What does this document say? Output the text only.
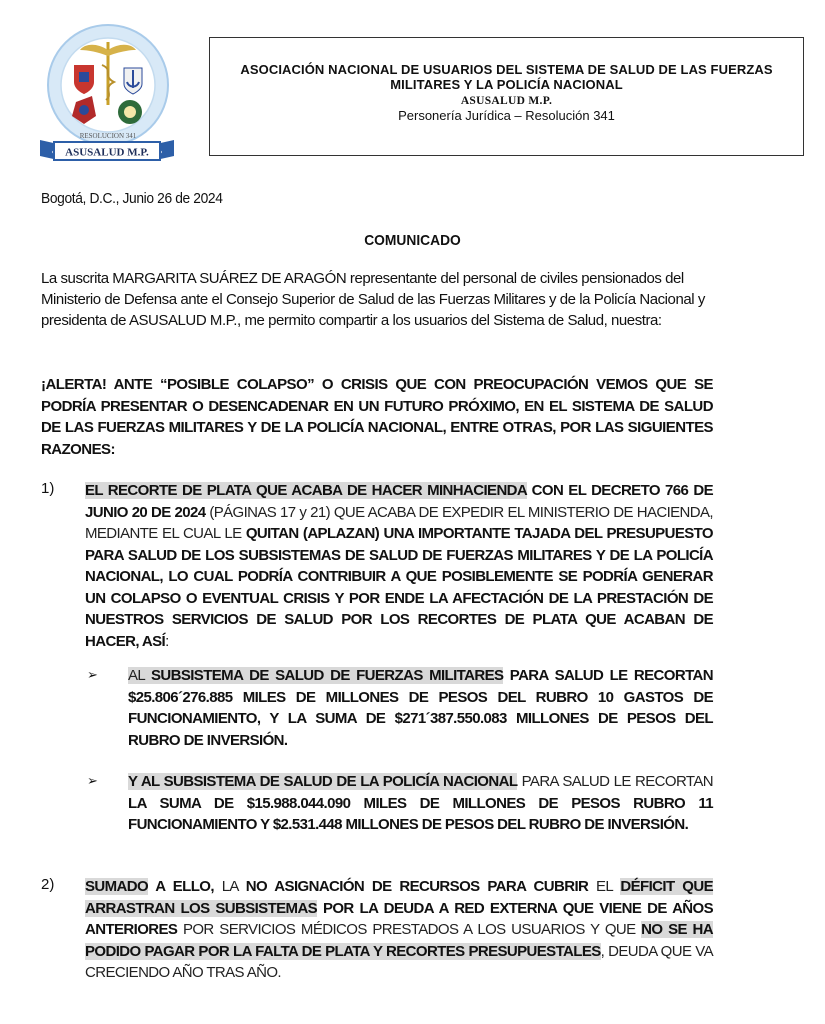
RESOLUCION 341
ASUSALUD M.P.
ASOCIACIÓN NACIONAL DE USUARIOS DEL SISTEMA DE SALUD DE LAS FUERZAS
MILITARES Y LA POLICÍA NACIONAL
ASUSALUD M.P.
Personería Jurídica – Resolución 341
Bogotá, D.C., Junio 26 de 2024
COMUNICADO
La suscrita MARGARITA SUÁREZ DE ARAGÓN representante del personal de civiles pensionados del Ministerio de Defensa ante el Consejo Superior de Salud de las Fuerzas Militares y de la Policía Nacional y presidenta de ASUSALUD M.P., me permito compartir a los usuarios del Sistema de Salud, nuestra:
¡ALERTA! ANTE “POSIBLE COLAPSO” O CRISIS QUE CON PREOCUPACIÓN VEMOS QUE SE PODRÍA PRESENTAR O DESENCADENAR EN UN FUTURO PRÓXIMO, EN EL SISTEMA DE SALUD DE LAS FUERZAS MILITARES Y DE LA POLICÍA NACIONAL, ENTRE OTRAS, POR LAS SIGUIENTES RAZONES:
1) EL RECORTE DE PLATA QUE ACABA DE HACER MINHACIENDA CON EL DECRETO 766 DE JUNIO 20 DE 2024 (PÁGINAS 17 y 21) QUE ACABA DE EXPEDIR EL MINISTERIO DE HACIENDA, MEDIANTE EL CUAL LE QUITAN (APLAZAN) UNA IMPORTANTE TAJADA DEL PRESUPUESTO PARA SALUD DE LOS SUBSISTEMAS DE SALUD DE FUERZAS MILITARES Y DE LA POLICÍA NACIONAL, LO CUAL PODRÍA CONTRIBUIR A QUE POSIBLEMENTE SE PODRÍA GENERAR UN COLAPSO O EVENTUAL CRISIS Y POR ENDE LA AFECTACIÓN DE LA PRESTACIÓN DE NUESTROS SERVICIOS DE SALUD POR LOS RECORTES DE PLATA QUE ACABAN DE HACER, ASÍ:
➢ AL SUBSISTEMA DE SALUD DE FUERZAS MILITARES PARA SALUD LE RECORTAN $25.806´276.885 MILES DE MILLONES DE PESOS DEL RUBRO 10 GASTOS DE FUNCIONAMIENTO, Y LA SUMA DE $271´387.550.083 MILLONES DE PESOS DEL RUBRO DE INVERSIÓN.
➢ Y AL SUBSISTEMA DE SALUD DE LA POLICÍA NACIONAL PARA SALUD LE RECORTAN LA SUMA DE $15.988.044.090 MILES DE MILLONES DE PESOS RUBRO 11 FUNCIONAMIENTO Y $2.531.448 MILLONES DE PESOS DEL RUBRO DE INVERSIÓN.
2) SUMADO A ELLO, LA NO ASIGNACIÓN DE RECURSOS PARA CUBRIR EL DÉFICIT QUE ARRASTRAN LOS SUBSISTEMAS POR LA DEUDA A RED EXTERNA QUE VIENE DE AÑOS ANTERIORES POR SERVICIOS MÉDICOS PRESTADOS A LOS USUARIOS Y QUE NO SE HA PODIDO PAGAR POR LA FALTA DE PLATA Y RECORTES PRESUPUESTALES, DEUDA QUE VA CRECIENDO AÑO TRAS AÑO.
